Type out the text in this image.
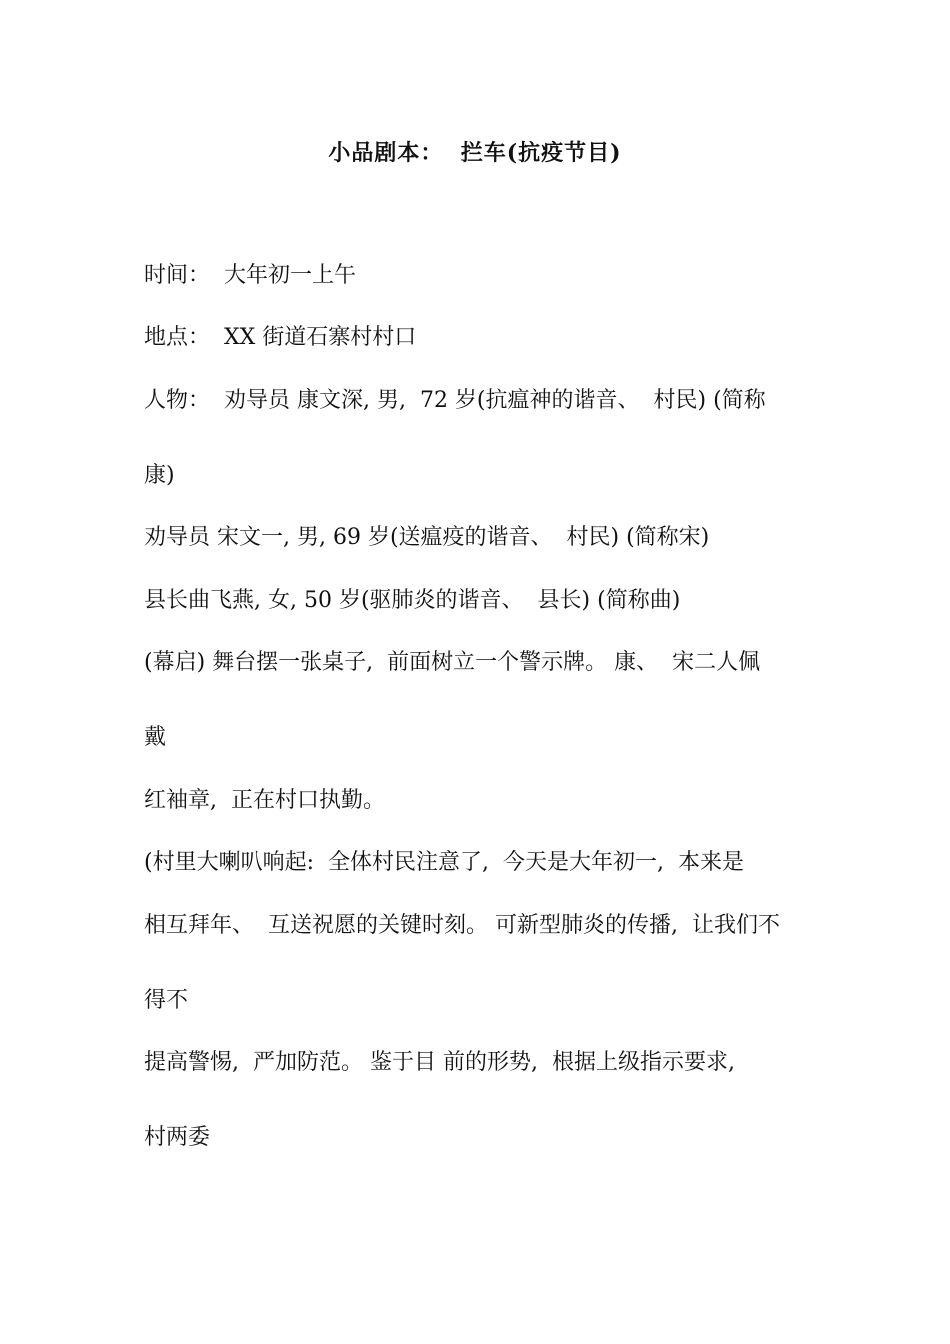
小品剧本：  拦车(抗疫节目)
时间：  大年初一上午
地点：  XX 街道石寨村村口
人物：  劝导员 康文深, 男,  72 岁(抗瘟神的谐音、  村民) (简称
康)
劝导员 宋文一, 男, 69 岁(送瘟疫的谐音、  村民) (简称宋)
县长曲飞燕, 女, 50 岁(驱肺炎的谐音、  县长) (简称曲)
(幕启) 舞台摆一张桌子,  前面树立一个警示牌。 康、  宋二人佩
戴
红袖章,  正在村口执勤。
(村里大喇叭响起:  全体村民注意了,  今天是大年初一,  本来是
相互拜年、  互送祝愿的关键时刻。 可新型肺炎的传播,  让我们不
得不
提高警惕,  严加防范。 鉴于目 前的形势,  根据上级指示要求,
村两委
